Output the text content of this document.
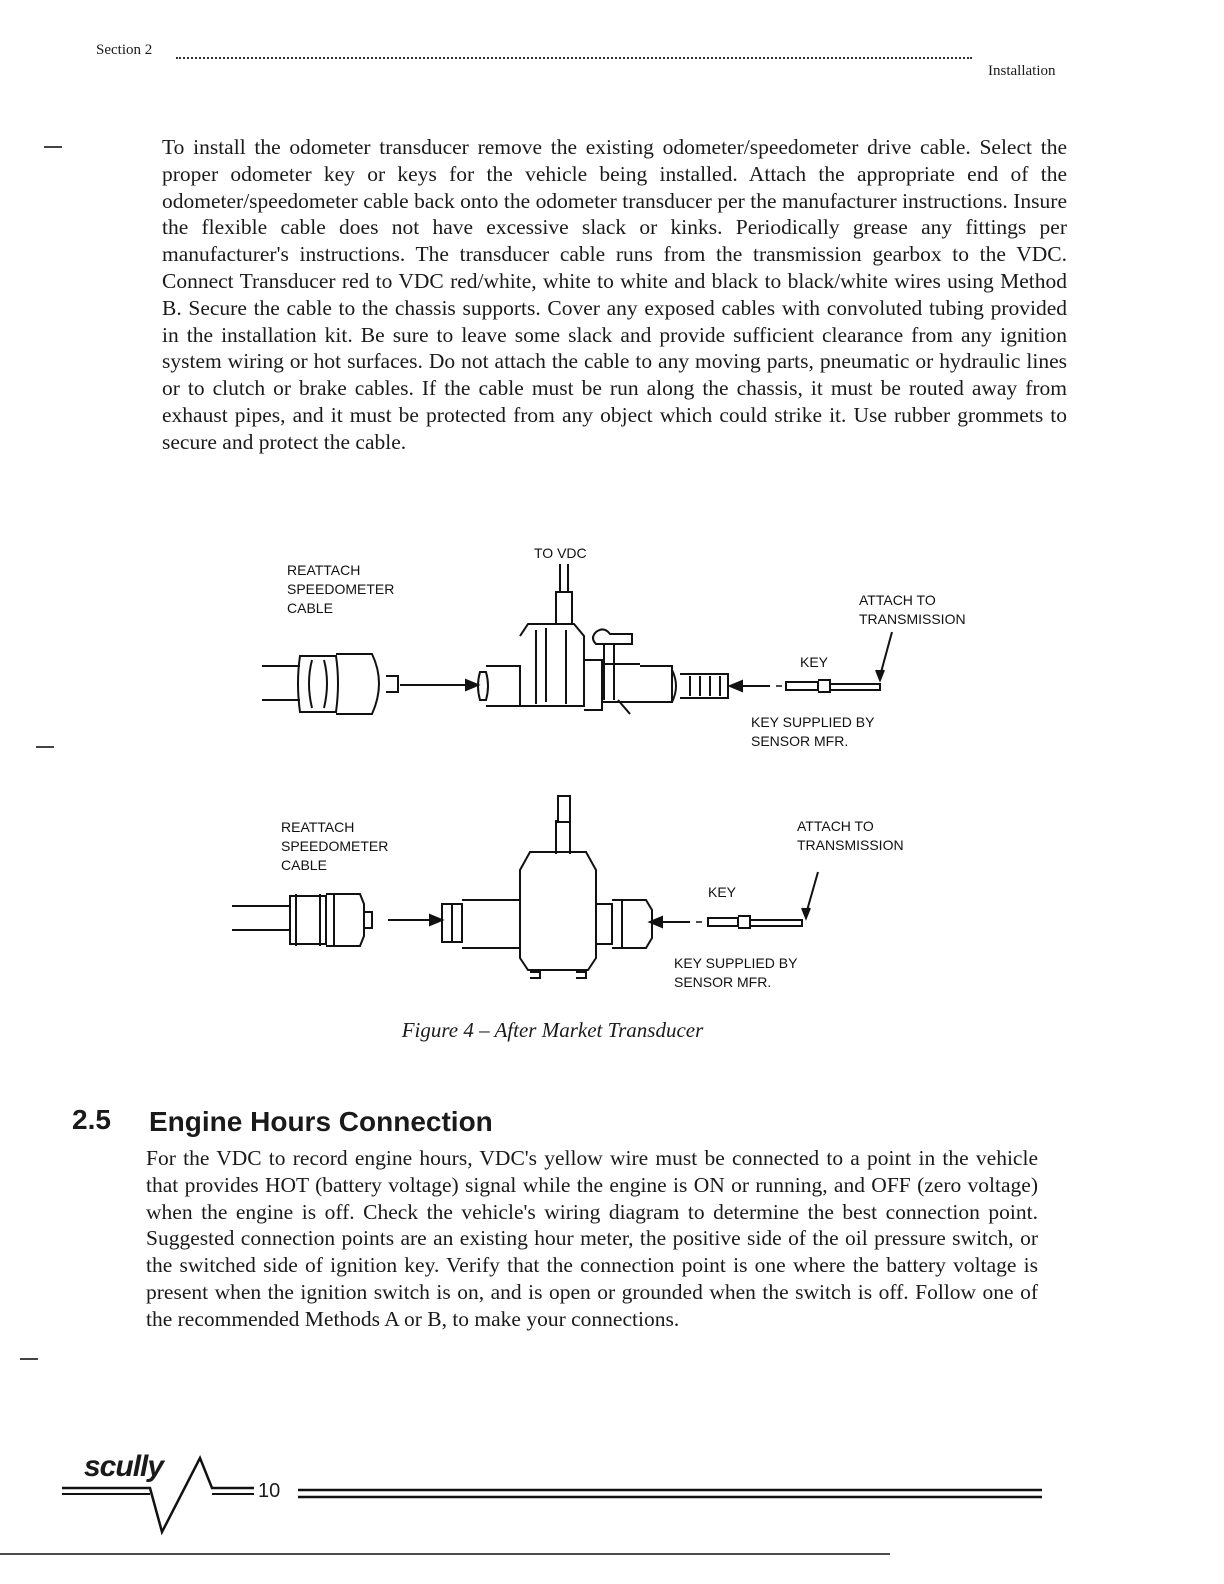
Section 2
Installation

To install the odometer transducer remove the existing odometer/speedometer drive cable. Select the proper odometer key or keys for the vehicle being installed. Attach the appropriate end of the odometer/speedometer cable back onto the odometer transducer per the manufacturer instructions. Insure the flexible cable does not have excessive slack or kinks. Periodically grease any fittings per manufacturer's instructions. The transducer cable runs from the transmission gearbox to the VDC. Connect Transducer red to VDC red/white, white to white and black to black/white wires using Method B. Secure the cable to the chassis supports. Cover any exposed cables with convoluted tubing provided in the installation kit. Be sure to leave some slack and provide sufficient clearance from any ignition system wiring or hot surfaces. Do not attach the cable to any moving parts, pneumatic or hydraulic lines or to clutch or brake cables. If the cable must be run along the chassis, it must be routed away from exhaust pipes, and it must be protected from any object which could strike it. Use rubber grommets to secure and protect the cable.

TO VDC
REATTACH
SPEEDOMETER
CABLE	ATTACH TO
TRANSMISSION
KEY
KEY SUPPLIED BY
SENSOR MFR.
REATTACH
SPEEDOMETER
CABLE
ATTACH TO
TRANSMISSION
KEY
KEY SUPPLIED BY
SENSOR MFR.
Figure 4 – After Market Transducer
2.5 Engine Hours Connection

For the VDC to record engine hours, VDC's yellow wire must be connected to a point in the vehicle that provides HOT (battery voltage) signal while the engine is ON or running, and OFF (zero voltage) when the engine is off. Check the vehicle's wiring diagram to determine the best connection point. Suggested connection points are an existing hour meter, the positive side of the oil pressure switch, or the switched side of ignition key. Verify that the connection point is one where the battery voltage is present when the ignition switch is on, and is open or grounded when the switch is off. Follow one of the recommended Methods A or B, to make your connections.

scully
10
